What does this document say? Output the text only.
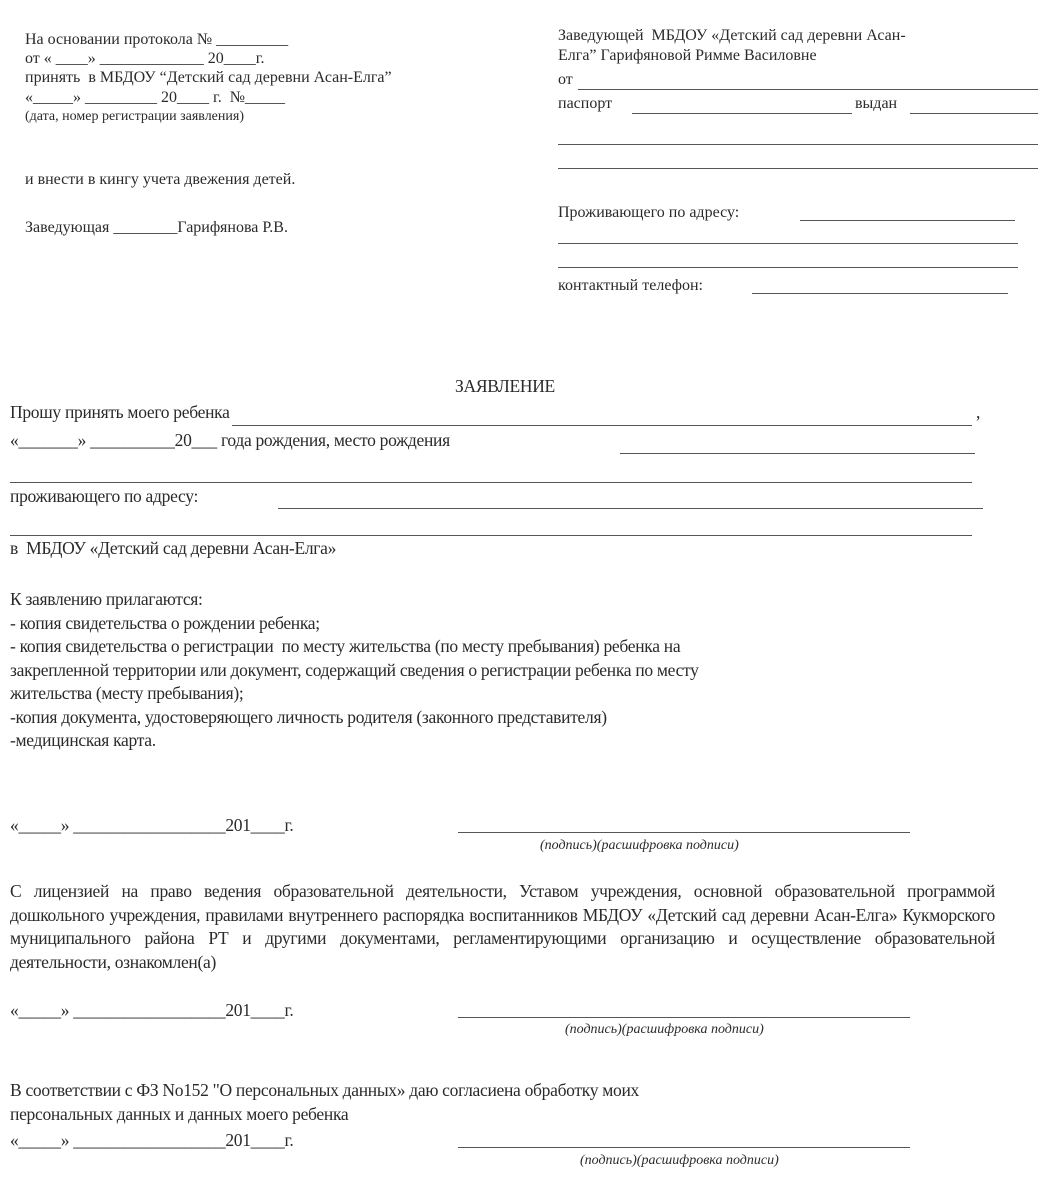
На основании протокола № _________
от « ____» _____________ 20____г.
принять  в МБДОУ “Детский сад деревни Асан-Елга”
«_____» _________ 20____ г.  №_____
(дата, номер регистрации заявления)
и внести в кингу учета двежения детей.
Заведующая ________Гарифянова Р.В.
Заведующей  МБДОУ «Детский сад деревни Асан-
Елга” Гарифяновой Римме Василовне
от
паспорт	выдан
Проживающего по адресу:
контактный телефон:
ЗАЯВЛЕНИЕ
Прошу принять моего ребенка	,
«_______» __________20___ года рождения, место рождения
проживающего по адресу:
в  МБДОУ «Детский сад деревни Асан-Елга»
К заявлению прилагаются:
- копия свидетельства о рождении ребенка;
- копия свидетельства о регистрации  по месту жительства (по месту пребывания) ребенка на
закрепленной территории или документ, содержащий сведения о регистрации ребенка по месту
жительства (месту пребывания);
-копия документа, удостоверяющего личность родителя (законного представителя)
-медицинская карта.
«_____» __________________201____г.
(подпись)(расшифровка подписи)
С лицензией на право ведения образовательной деятельности, Уставом учреждения, основной образовательной программой дошкольного учреждения, правилами внутреннего распорядка воспитанников МБДОУ «Детский сад деревни Асан-Елга» Кукморского муниципального района РТ и другими документами, регламентирующими организацию и осуществление образовательной деятельности, ознакомлен(а)
«_____» __________________201____г.
(подпись)(расшифровка подписи)
В соответствии с ФЗ No152 "О персональных данных» даю согласиена обработку моих
персональных данных и данных моего ребенка
«_____» __________________201____г.
(подпись)(расшифровка подписи)
